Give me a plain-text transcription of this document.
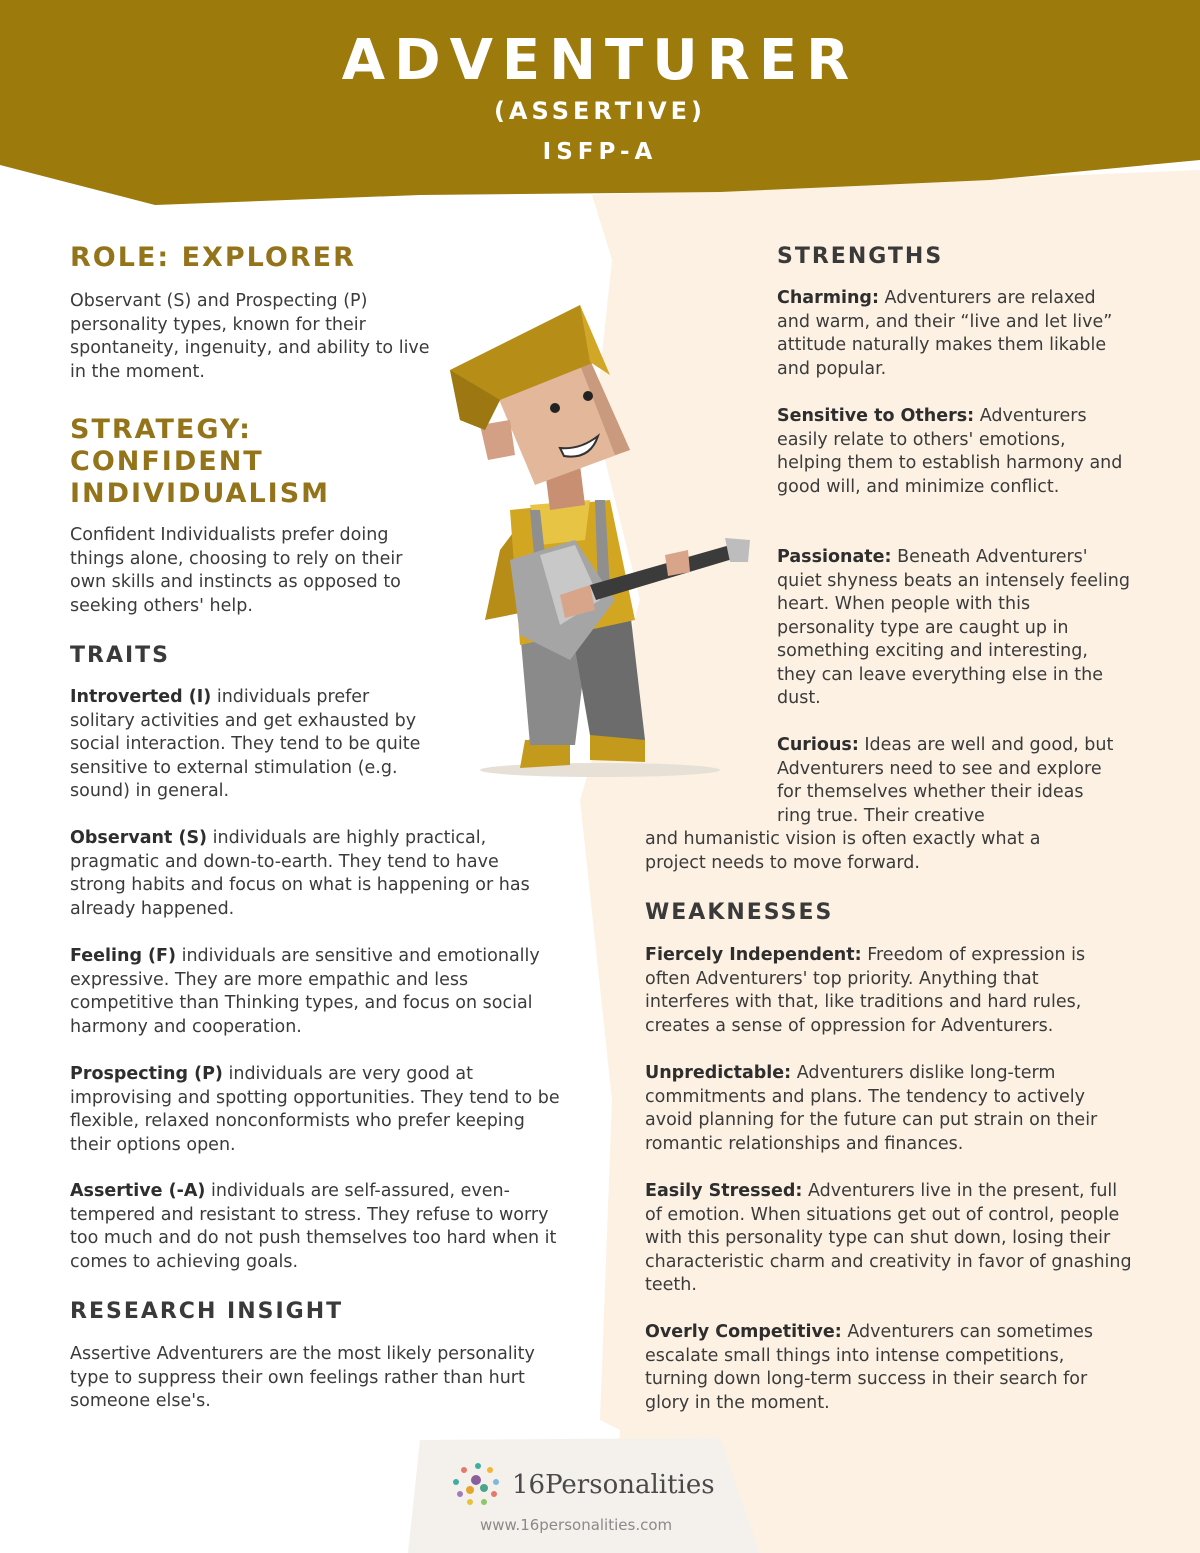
ADVENTURER
(ASSERTIVE)
ISFP-A
ROLE: EXPLORER

Observant (S) and Prospecting (P) personality types, known for their spontaneity, ingenuity, and ability to live in the moment.

STRATEGY:
CONFIDENT
INDIVIDUALISM

Confident Individualists prefer doing things alone, choosing to rely on their own skills and instincts as opposed to seeking others' help.

TRAITS

Introverted (I) individuals prefer solitary activities and get exhausted by social interaction. They tend to be quite sensitive to external stimulation (e.g. sound) in general.

Observant (S) individuals are highly practical, pragmatic and down-to-earth. They tend to have strong habits and focus on what is happening or has already happened.

Feeling (F) individuals are sensitive and emotionally expressive. They are more empathic and less competitive than Thinking types, and focus on social harmony and cooperation.

Prospecting (P) individuals are very good at improvising and spotting opportunities. They tend to be flexible, relaxed nonconformists who prefer keeping their options open.

Assertive (-A) individuals are self-assured, even-tempered and resistant to stress. They refuse to worry too much and do not push themselves too hard when it comes to achieving goals.

RESEARCH INSIGHT

Assertive Adventurers are the most likely personality type to suppress their own feelings rather than hurt someone else's.

STRENGTHS

Charming: Adventurers are relaxed and warm, and their “live and let live” attitude naturally makes them likable and popular.

Sensitive to Others: Adventurers easily relate to others' emotions, helping them to establish harmony and good will, and minimize conflict.

Passionate: Beneath Adventurers' quiet shyness beats an intensely feeling heart. When people with this personality type are caught up in something exciting and interesting, they can leave everything else in the dust.

Curious: Ideas are well and good, but Adventurers need to see and explore for themselves whether their ideas ring true. Their creative

and humanistic vision is often exactly what a project needs to move forward.

WEAKNESSES

Fiercely Independent: Freedom of expression is often Adventurers' top priority. Anything that interferes with that, like traditions and hard rules, creates a sense of oppression for Adventurers.

Unpredictable: Adventurers dislike long-term commitments and plans. The tendency to actively avoid planning for the future can put strain on their romantic relationships and finances.

Easily Stressed: Adventurers live in the present, full of emotion. When situations get out of control, people with this personality type can shut down, losing their characteristic charm and creativity in favor of gnashing teeth.

Overly Competitive: Adventurers can sometimes escalate small things into intense competitions, turning down long-term success in their search for glory in the moment.

16Personalities
www.16personalities.com
